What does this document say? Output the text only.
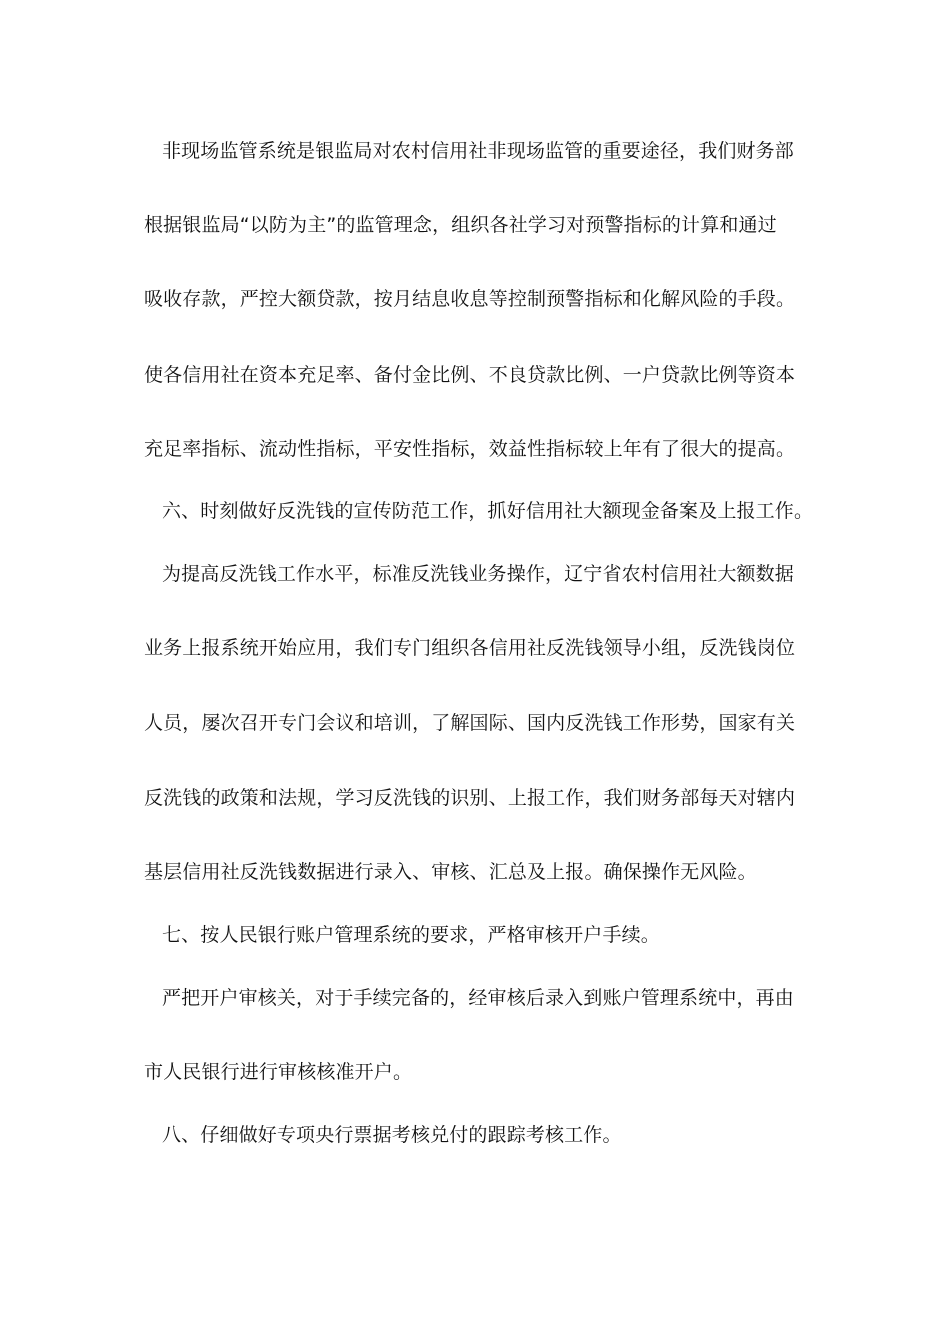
非现场监管系统是银监局对农村信用社非现场监管的重要途径，我们财务部
根据银监局“以防为主”的监管理念，组织各社学习对预警指标的计算和通过
吸收存款，严控大额贷款，按月结息收息等控制预警指标和化解风险的手段。
使各信用社在资本充足率、备付金比例、不良贷款比例、一户贷款比例等资本
充足率指标、流动性指标，平安性指标，效益性指标较上年有了很大的提高。
六、时刻做好反洗钱的宣传防范工作，抓好信用社大额现金备案及上报工作。
为提高反洗钱工作水平，标准反洗钱业务操作，辽宁省农村信用社大额数据
业务上报系统开始应用，我们专门组织各信用社反洗钱领导小组，反洗钱岗位
人员，屡次召开专门会议和培训，了解国际、国内反洗钱工作形势，国家有关
反洗钱的政策和法规，学习反洗钱的识别、上报工作，我们财务部每天对辖内
基层信用社反洗钱数据进行录入、审核、汇总及上报。确保操作无风险。
七、按人民银行账户管理系统的要求，严格审核开户手续。
严把开户审核关，对于手续完备的，经审核后录入到账户管理系统中，再由
市人民银行进行审核核准开户。
八、仔细做好专项央行票据考核兑付的跟踪考核工作。
